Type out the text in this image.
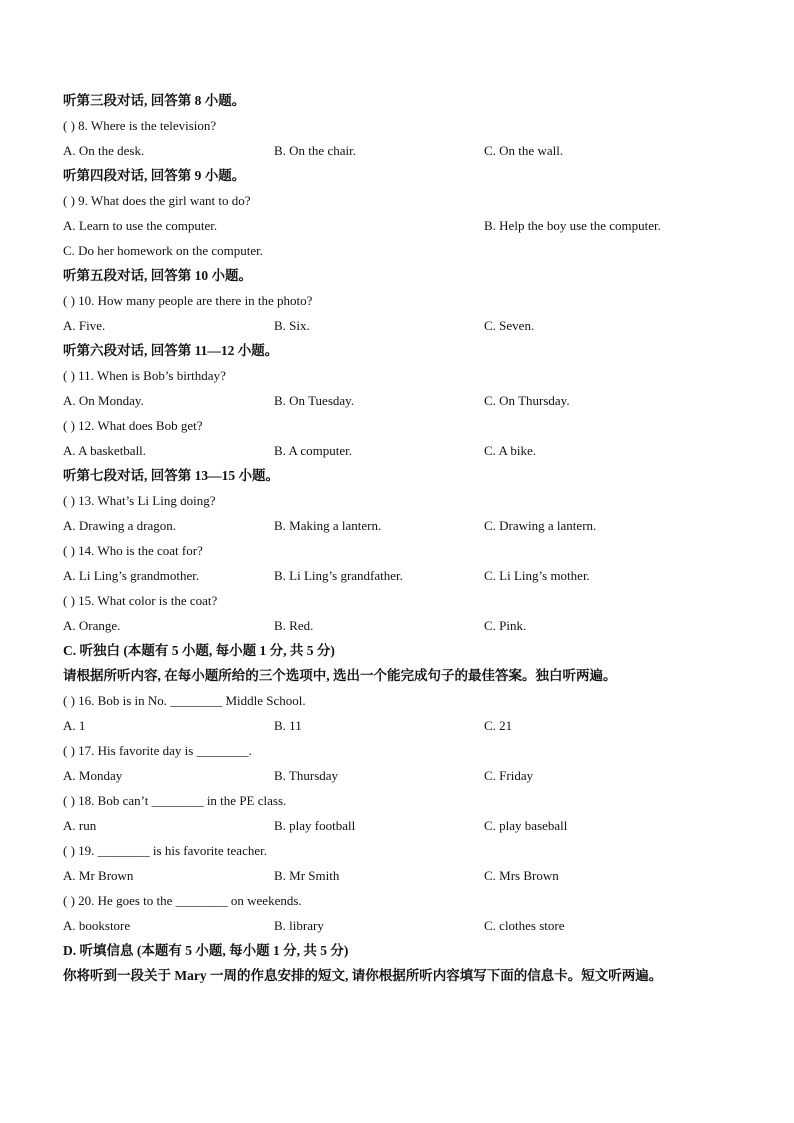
听第三段对话, 回答第 8 小题。
( ) 8. Where is the television?
A. On the desk.	B. On the chair.	C. On the wall.
听第四段对话, 回答第 9 小题。
( ) 9. What does the girl want to do?
A. Learn to use the computer.	B. Help the boy use the computer.
C. Do her homework on the computer.
听第五段对话, 回答第 10 小题。
( ) 10. How many people are there in the photo?
A. Five.	B. Six.	C. Seven.
听第六段对话, 回答第 11—12 小题。
( ) 11. When is Bob’s birthday?
A. On Monday.	B. On Tuesday.	C. On Thursday.
( ) 12. What does Bob get?
A. A basketball.	B. A computer.	C. A bike.
听第七段对话, 回答第 13—15 小题。
( ) 13. What’s Li Ling doing?
A. Drawing a dragon.	B. Making a lantern.	C. Drawing a lantern.
( ) 14. Who is the coat for?
A. Li Ling’s grandmother.	B. Li Ling’s grandfather.	C. Li Ling’s mother.
( ) 15. What color is the coat?
A. Orange.	B. Red.	C. Pink.
C. 听独白 (本题有 5 小题, 每小题 1 分, 共 5 分)
请根据所听内容, 在每小题所给的三个选项中, 选出一个能完成句子的最佳答案。独白听两遍。
( ) 16. Bob is in No. ________ Middle School.
A. 1	B. 11	C. 21
( ) 17. His favorite day is ________.
A. Monday	B. Thursday	C. Friday
( ) 18. Bob can’t ________ in the PE class.
A. run	B. play football	C. play baseball
( ) 19. ________ is his favorite teacher.
A. Mr Brown	B. Mr Smith	C. Mrs Brown
( ) 20. He goes to the ________ on weekends.
A. bookstore	B. library	C. clothes store
D. 听填信息 (本题有 5 小题, 每小题 1 分, 共 5 分)
你将听到一段关于 Mary 一周的作息安排的短文, 请你根据所听内容填写下面的信息卡。短文听两遍。
